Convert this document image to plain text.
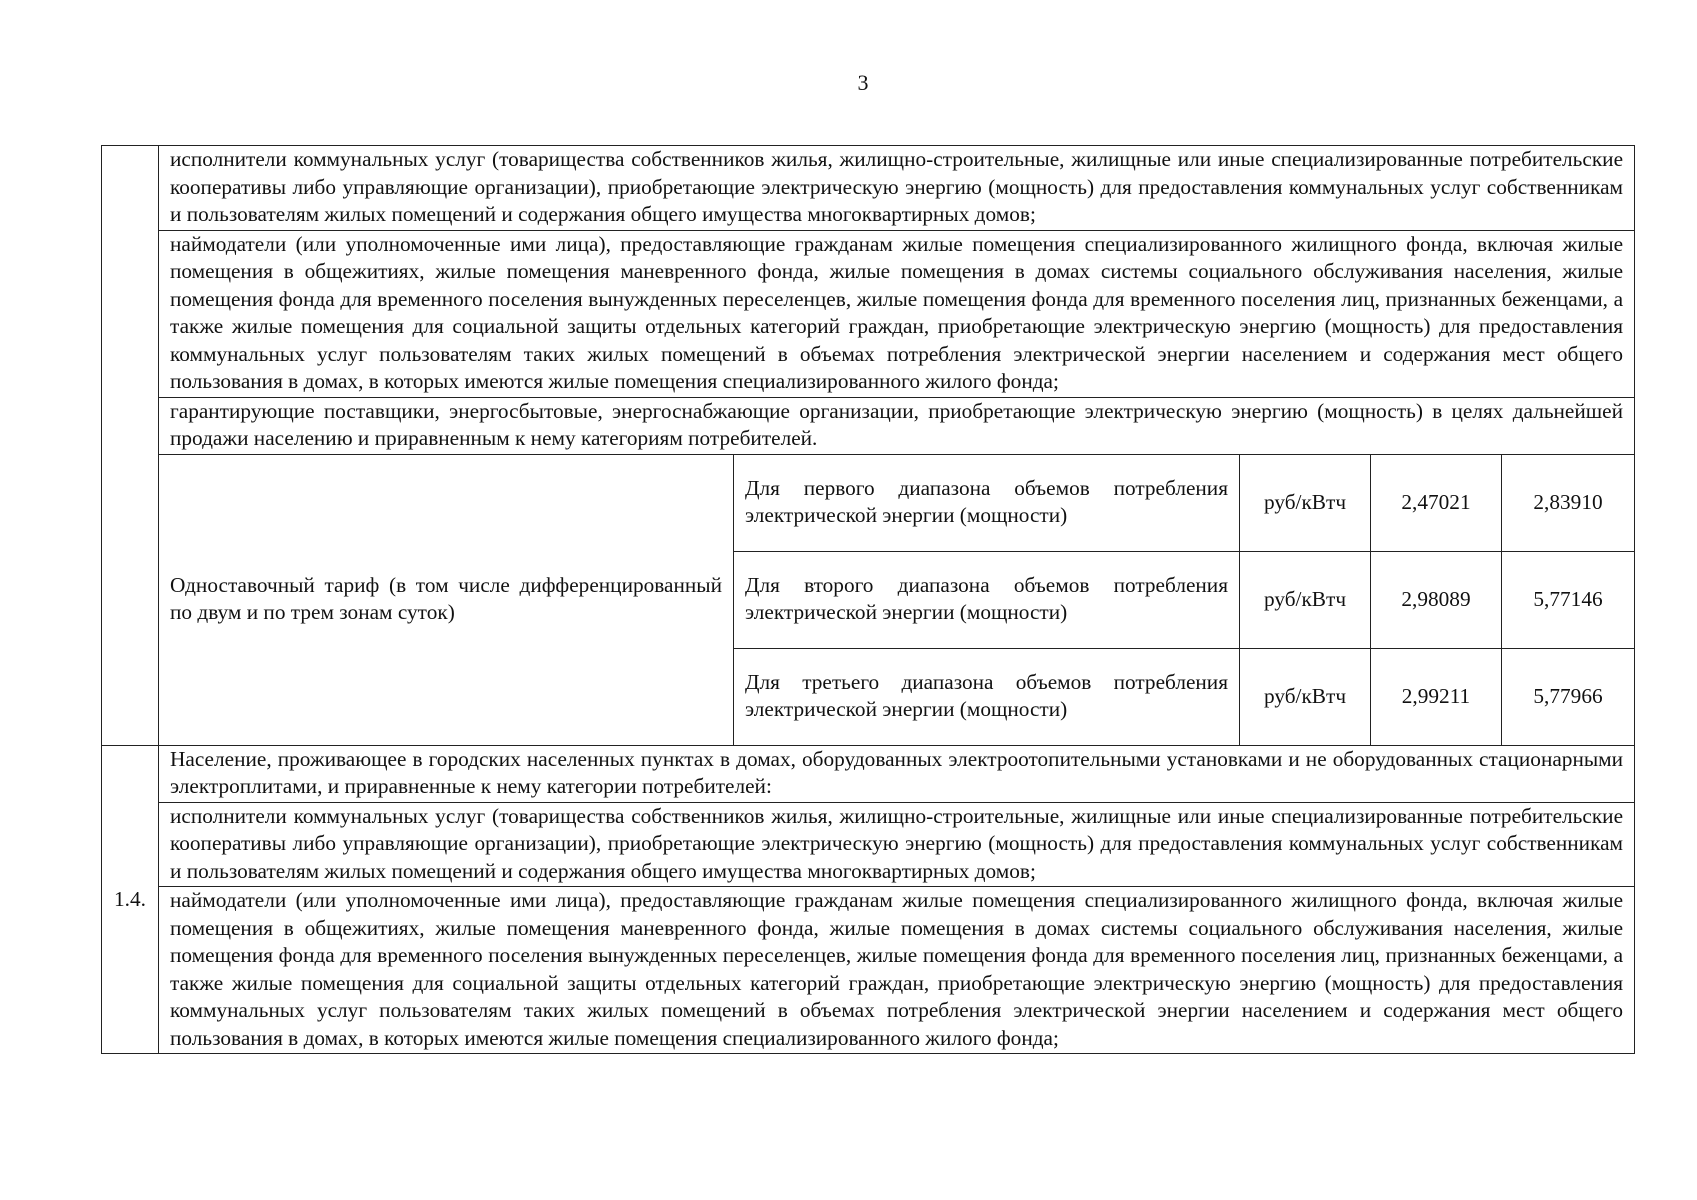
3
	исполнители коммунальных услуг (товарищества собственников жилья, жилищно-строительные, жилищные или иные специализированные потребительские кооперативы либо управляющие организации), приобретающие электрическую энергию (мощность) для предоставления коммунальных услуг собственникам и пользователям жилых помещений и содержания общего имущества многоквартирных домов;				
	наймодатели (или уполномоченные ими лица), предоставляющие гражданам жилые помещения специализированного жилищного фонда, включая жилые помещения в общежитиях, жилые помещения маневренного фонда, жилые помещения в домах системы социального обслуживания населения, жилые помещения фонда для временного поселения вынужденных переселенцев, жилые помещения фонда для временного поселения лиц, признанных беженцами, а также жилые помещения для социальной защиты отдельных категорий граждан, приобретающие электрическую энергию (мощность) для предоставления коммунальных услуг пользователям таких жилых помещений в объемах потребления электрической энергии населением и содержания мест общего пользования в домах, в которых имеются жилые помещения специализированного жилого фонда;				
	гарантирующие поставщики, энергосбытовые, энергоснабжающие организации, приобретающие электрическую энергию (мощность) в целях дальнейшей продажи населению и приравненным к нему категориям потребителей.				
	Одноставочный тариф (в том числе дифференцированный по двум и по трем зонам суток)	Для первого диапазона объемов потребления электрической энергии (мощности)	руб/кВтч	2,47021	2,83910
		Для второго диапазона объемов потребления электрической энергии (мощности)	руб/кВтч	2,98089	5,77146
		Для третьего диапазона объемов потребления электрической энергии (мощности)	руб/кВтч	2,99211	5,77966
1.4.	Население, проживающее в городских населенных пунктах в домах, оборудованных электроотопительными установками и не оборудованных стационарными электроплитами, и приравненные к нему категории потребителей:				
	исполнители коммунальных услуг (товарищества собственников жилья, жилищно-строительные, жилищные или иные специализированные потребительские кооперативы либо управляющие организации), приобретающие электрическую энергию (мощность) для предоставления коммунальных услуг собственникам и пользователям жилых помещений и содержания общего имущества многоквартирных домов;				
	наймодатели (или уполномоченные ими лица), предоставляющие гражданам жилые помещения специализированного жилищного фонда, включая жилые помещения в общежитиях, жилые помещения маневренного фонда, жилые помещения в домах системы социального обслуживания населения, жилые помещения фонда для временного поселения вынужденных переселенцев, жилые помещения фонда для временного поселения лиц, признанных беженцами, а также жилые помещения для социальной защиты отдельных категорий граждан, приобретающие электрическую энергию (мощность) для предоставления коммунальных услуг пользователям таких жилых помещений в объемах потребления электрической энергии населением и содержания мест общего пользования в домах, в которых имеются жилые помещения специализированного жилого фонда;				
